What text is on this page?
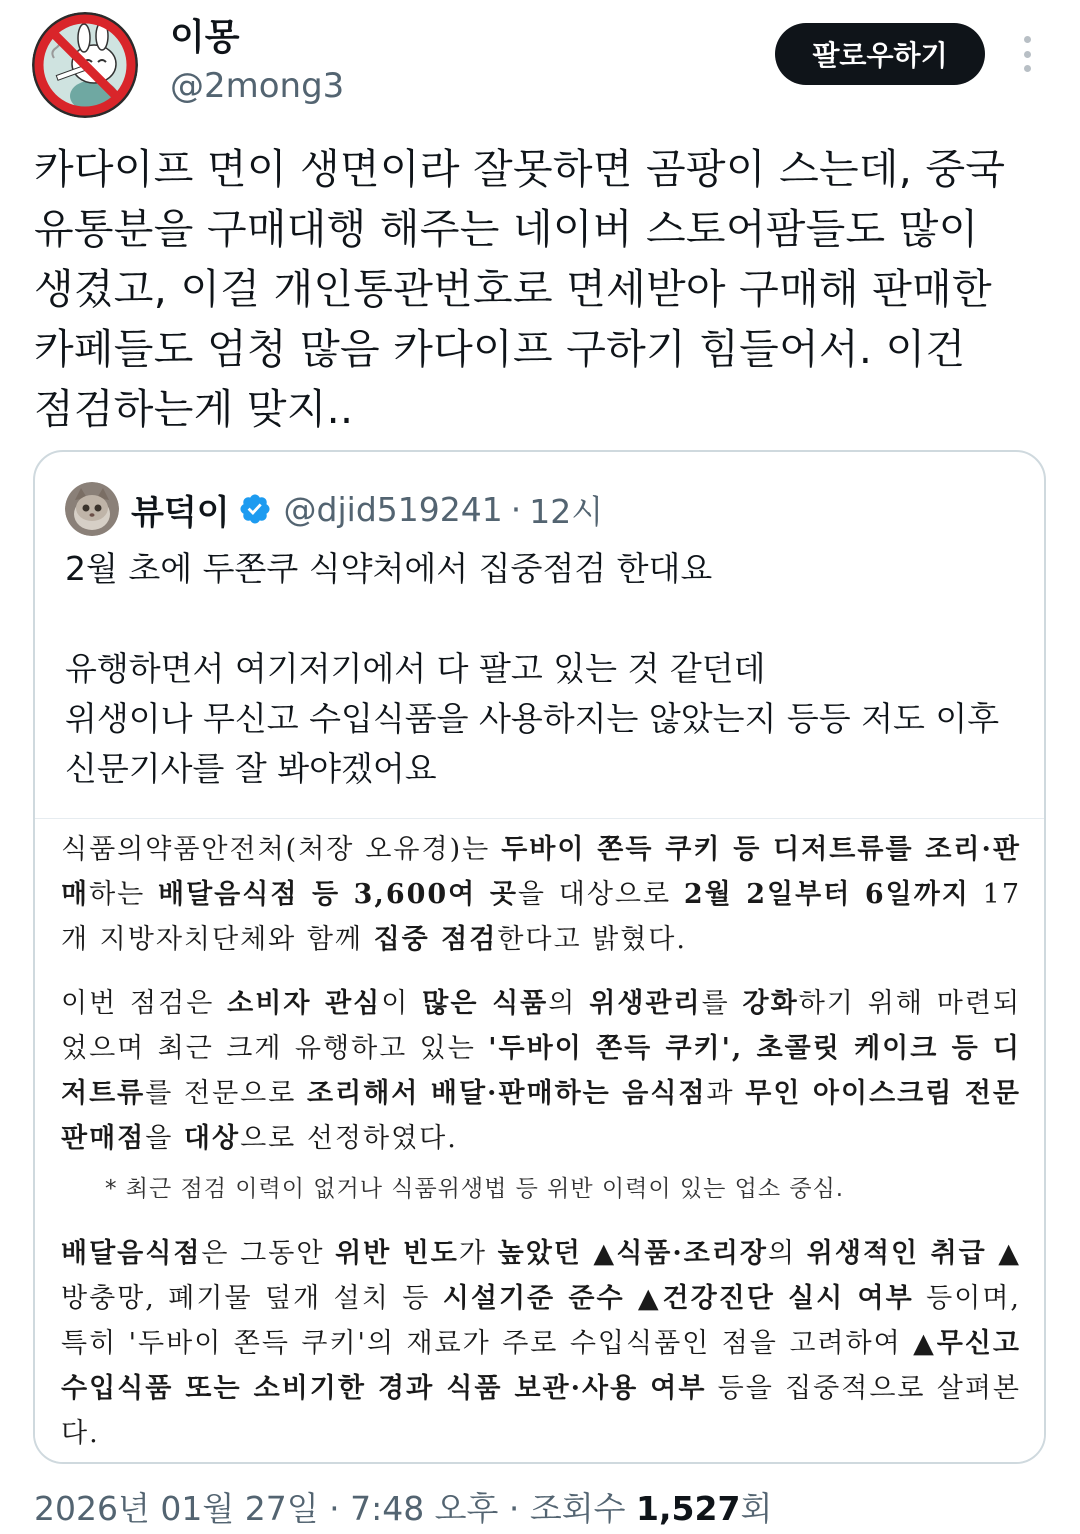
이몽
@2mong3
팔로우하기
카다이프 면이 생면이라 잘못하면 곰팡이 스는데, 중국
유통분을 구매대행 해주는 네이버 스토어팜들도 많이
생겼고, 이걸 개인통관번호로 면세받아 구매해 판매한
카페들도 엄청 많음 카다이프 구하기 힘들어서. 이건
점검하는게 맞지..
뷰덕이 @djid519241 · 12시
2월 초에 두쫀쿠 식약처에서 집중점검 한대요

유행하면서 여기저기에서 다 팔고 있는 것 같던데
위생이나 무신고 수입식품을 사용하지는 않았는지 등등 저도 이후
신문기사를 잘 봐야겠어요
식품의약품안전처(처장 오유경)는 두바이 쫀득 쿠키 등 디저트류를 조리·판매하는 배달음식점 등 3,600여 곳을 대상으로 2월 2일부터 6일까지 17개 지방자치단체와 함께 집중 점검한다고 밝혔다.
이번 점검은 소비자 관심이 많은 식품의 위생관리를 강화하기 위해 마련되었으며 최근 크게 유행하고 있는 '두바이 쫀득 쿠키', 초콜릿 케이크 등 디저트류를 전문으로 조리해서 배달·판매하는 음식점과 무인 아이스크림 전문 판매점을 대상으로 선정하였다.
* 최근 점검 이력이 없거나 식품위생법 등 위반 이력이 있는 업소 중심.
배달음식점은 그동안 위반 빈도가 높았던 ▲식품·조리장의 위생적인 취급 ▲방충망, 폐기물 덮개 설치 등 시설기준 준수 ▲건강진단 실시 여부 등이며, 특히 '두바이 쫀득 쿠키'의 재료가 주로 수입식품인 점을 고려하여 ▲무신고 수입식품 또는 소비기한 경과 식품 보관·사용 여부 등을 집중적으로 살펴본다.
2026년 01월 27일 · 7:48 오후 · 조회수 1,527회
